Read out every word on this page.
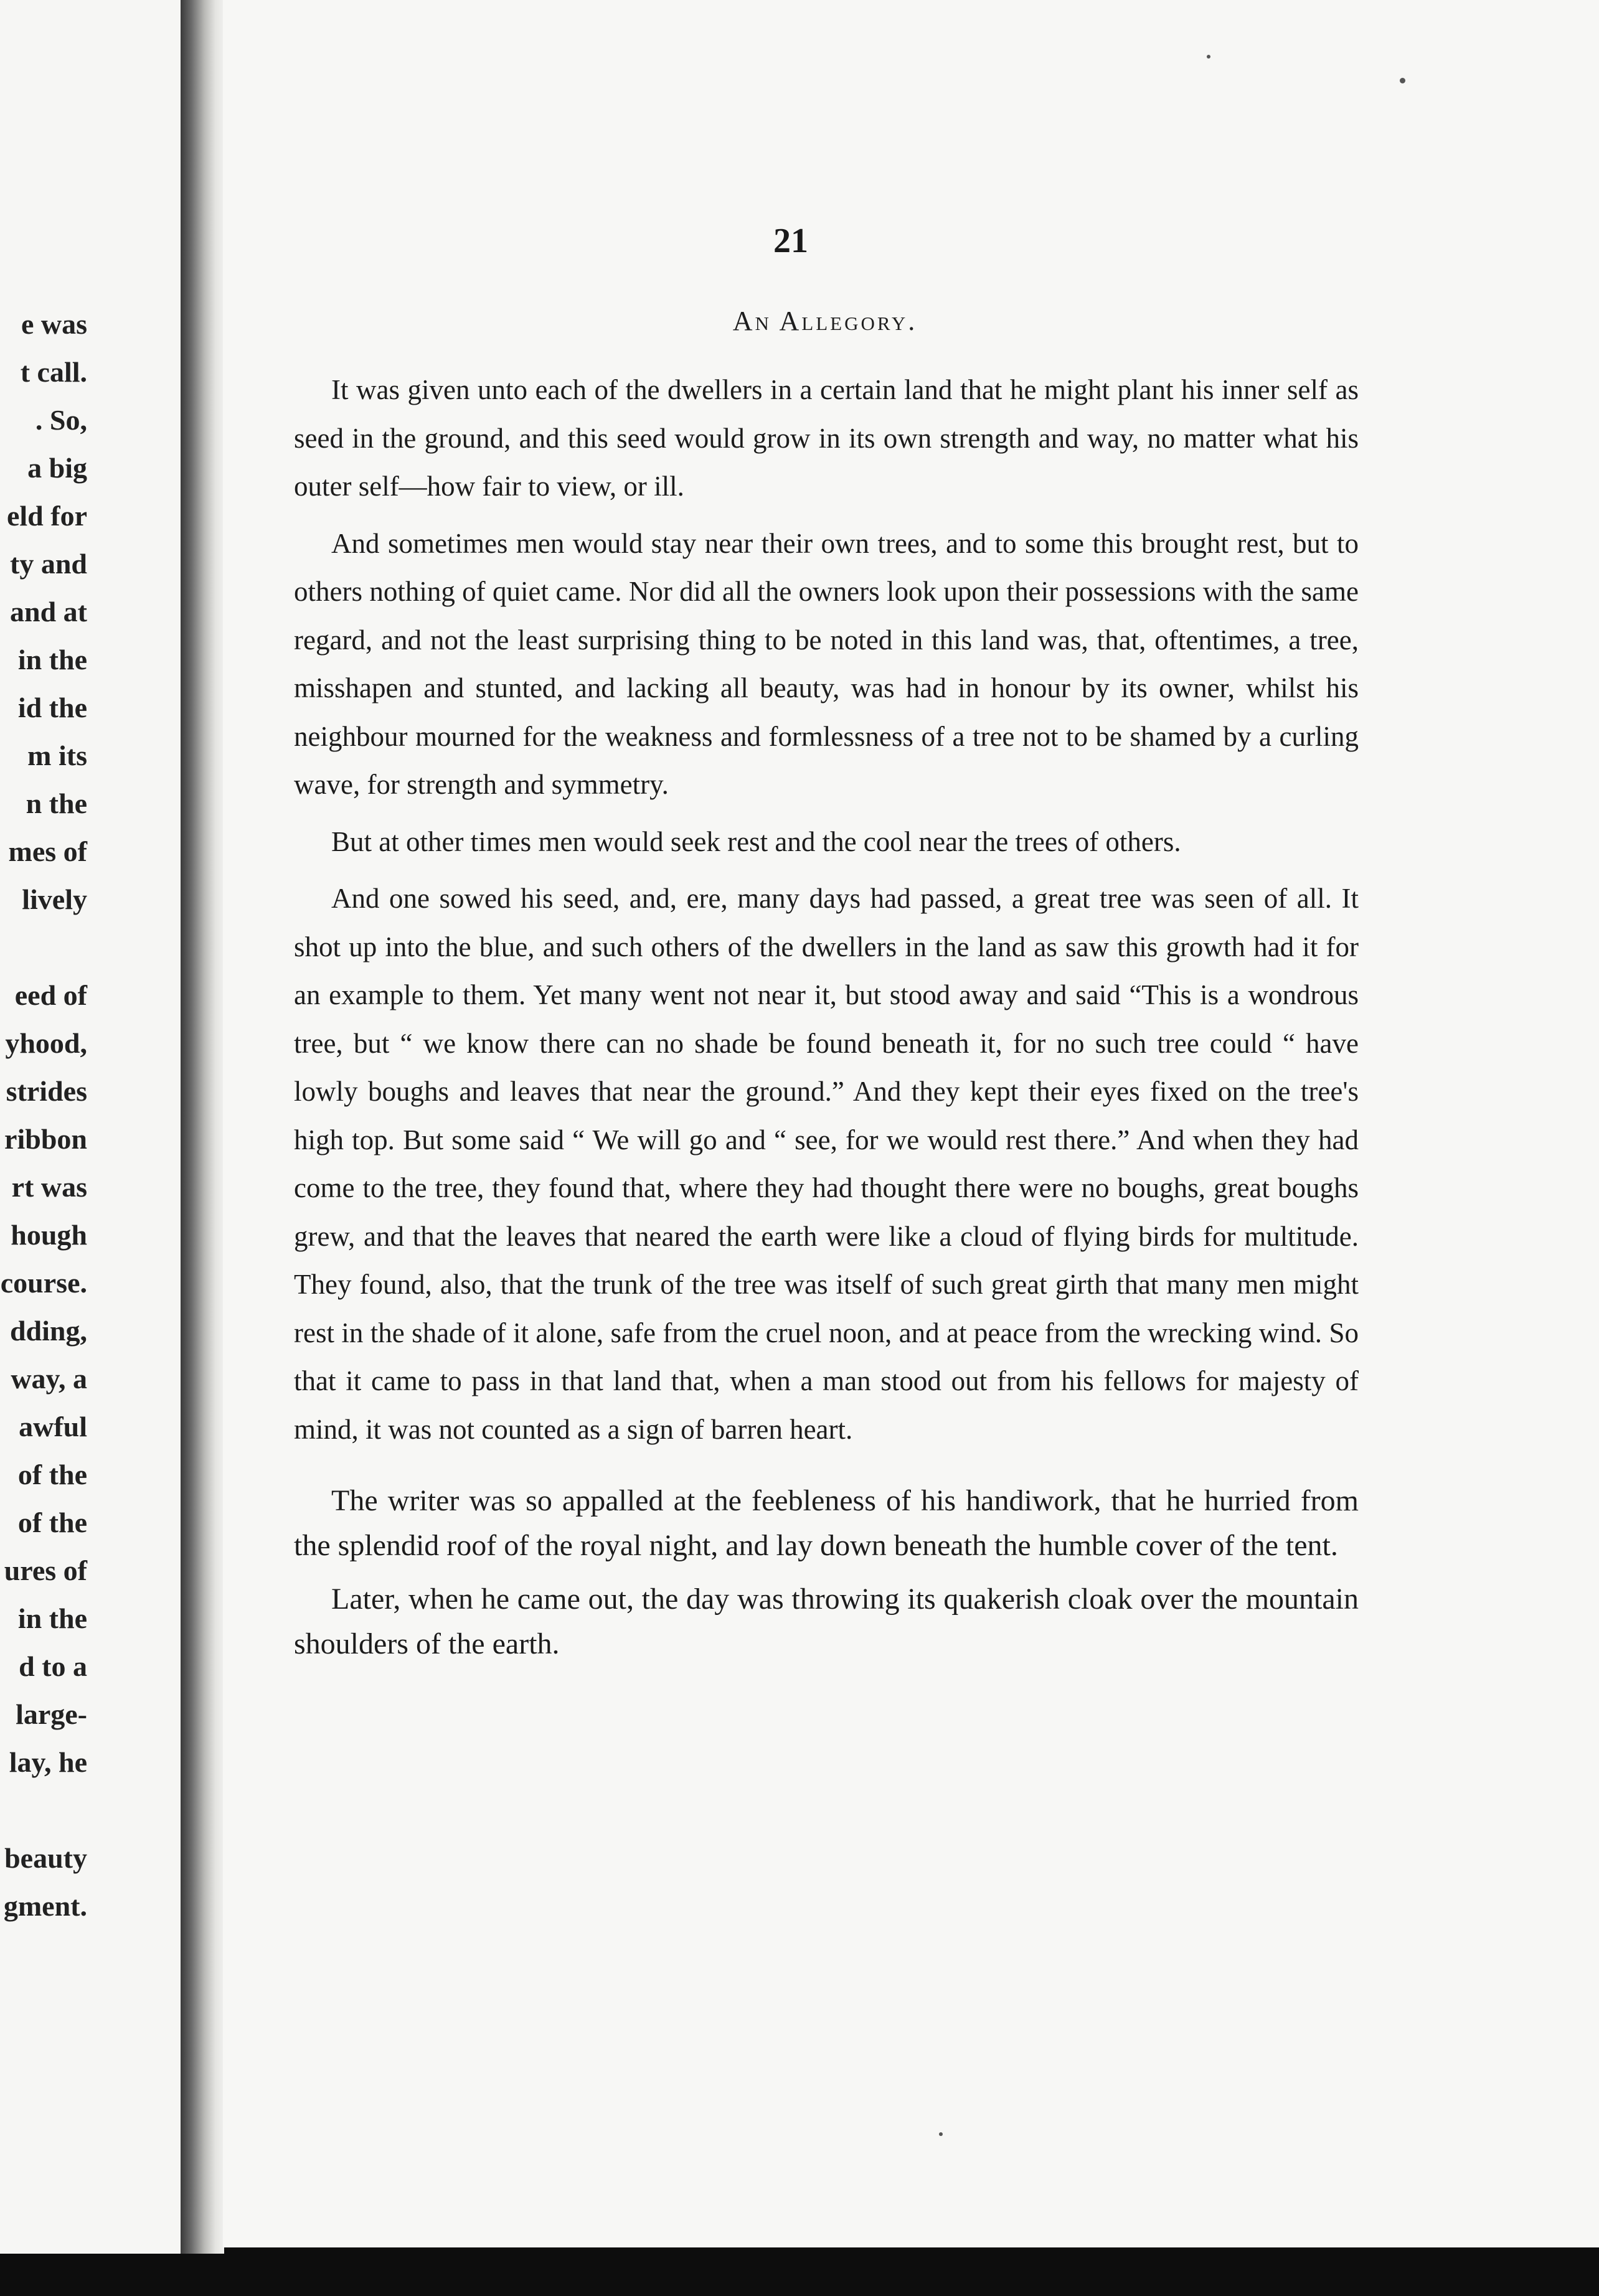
e was
t call.
. So,
a big
eld for
ty and
and at
in the
id the
m its
n the
mes of
lively
eed of
yhood,
strides
ribbon
rt was
hough
course.
dding,
way, a
awful
of the
of the
ures of
in the
d to a
large-
lay, he
beauty
gment.
21
An Allegory.

It was given unto each of the dwellers in a certain land that he might plant his inner self as seed in the ground, and this seed would grow in its own strength and way, no matter what his outer self—how fair to view, or ill.

And sometimes men would stay near their own trees, and to some this brought rest, but to others nothing of quiet came. Nor did all the owners look upon their possessions with the same regard, and not the least surprising thing to be noted in this land was, that, oftentimes, a tree, misshapen and stunted, and lacking all beauty, was had in honour by its owner, whilst his neighbour mourned for the weakness and formlessness of a tree not to be shamed by a curling wave, for strength and symmetry.

But at other times men would seek rest and the cool near the trees of others.

And one sowed his seed, and, ere, many days had passed, a great tree was seen of all. It shot up into the blue, and such others of the dwellers in the land as saw this growth had it for an example to them. Yet many went not near it, but stood away and said “This is a wondrous tree, but “ we know there can no shade be found beneath it, for no such tree could “ have lowly boughs and leaves that near the ground.” And they kept their eyes fixed on the tree's high top. But some said “ We will go and “ see, for we would rest there.” And when they had come to the tree, they found that, where they had thought there were no boughs, great boughs grew, and that the leaves that neared the earth were like a cloud of flying birds for multitude. They found, also, that the trunk of the tree was itself of such great girth that many men might rest in the shade of it alone, safe from the cruel noon, and at peace from the wrecking wind. So that it came to pass in that land that, when a man stood out from his fellows for majesty of mind, it was not counted as a sign of barren heart.

The writer was so appalled at the feebleness of his handiwork, that he hurried from the splendid roof of the royal night, and lay down beneath the humble cover of the tent.

Later, when he came out, the day was throwing its quakerish cloak over the mountain shoulders of the earth.
